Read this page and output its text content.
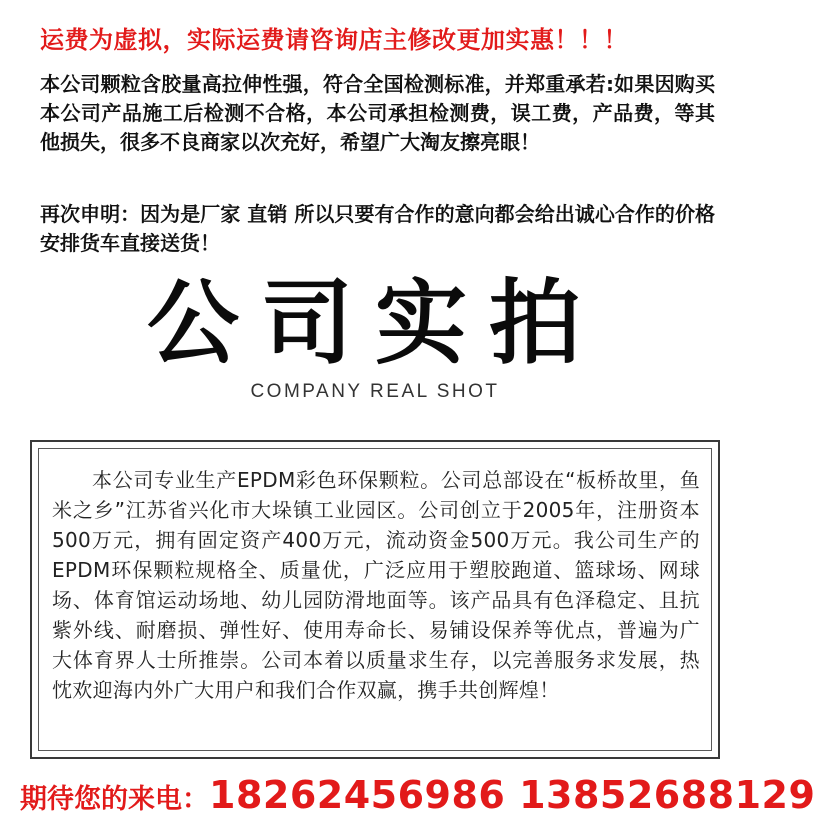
运费为虚拟，实际运费请咨询店主修改更加实惠！！！
本公司颗粒含胶量高拉伸性强，符合全国检测标准，并郑重承若:如果因购买本公司产品施工后检测不合格，本公司承担检测费，误工费，产品费，等其他损失，很多不良商家以次充好，希望广大淘友擦亮眼！
再次申明：因为是厂家 直销 所以只要有合作的意向都会给出诚心合作的价格安排货车直接送货！
公司实拍
COMPANY REAL SHOT
本公司专业生产EPDM彩色环保颗粒。公司总部设在“板桥故里，鱼米之乡”江苏省兴化市大垛镇工业园区。公司创立于2005年，注册资本500万元，拥有固定资产400万元，流动资金500万元。我公司生产的EPDM环保颗粒规格全、质量优，广泛应用于塑胶跑道、篮球场、网球场、体育馆运动场地、幼儿园防滑地面等。该产品具有色泽稳定、且抗紫外线、耐磨损、弹性好、使用寿命长、易铺设保养等优点，普遍为广大体育界人士所推崇。公司本着以质量求生存，以完善服务求发展，热忱欢迎海内外广大用户和我们合作双赢，携手共创辉煌！
期待您的来电：18262456986 13852688129
